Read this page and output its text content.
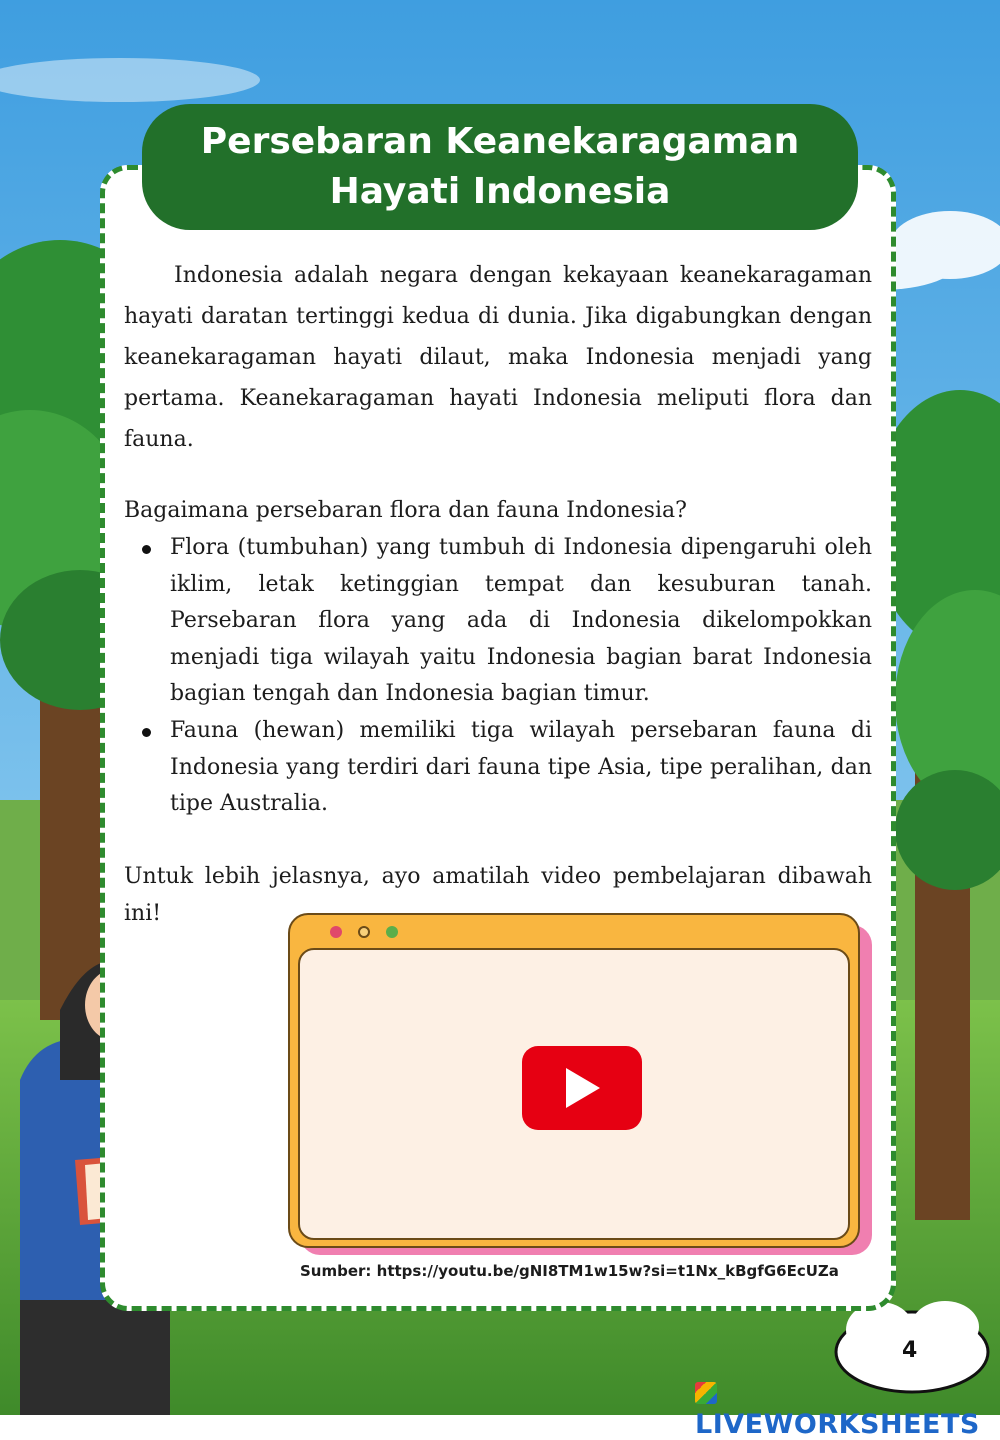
Persebaran Keanekaragaman
Hayati Indonesia
Indonesia adalah negara dengan kekayaan keanekaragaman hayati daratan tertinggi kedua di dunia. Jika digabungkan dengan keanekaragaman hayati dilaut, maka Indonesia menjadi yang pertama. Keanekaragaman hayati Indonesia meliputi flora dan fauna.
Bagaimana persebaran flora dan fauna Indonesia?
Flora (tumbuhan) yang tumbuh di Indonesia dipengaruhi oleh iklim, letak ketinggian tempat dan kesuburan tanah. Persebaran flora yang ada di Indonesia dikelompokkan menjadi tiga wilayah yaitu Indonesia bagian barat Indonesia bagian tengah dan Indonesia bagian timur.
Fauna (hewan) memiliki tiga wilayah persebaran fauna di Indonesia yang terdiri dari fauna tipe Asia, tipe peralihan, dan tipe Australia.
Untuk lebih jelasnya, ayo amatilah video pembelajaran dibawah ini!
Sumber: https://youtu.be/gNI8TM1w15w?si=t1Nx_kBgfG6EcUZa
4
LIVEWORKSHEETS
